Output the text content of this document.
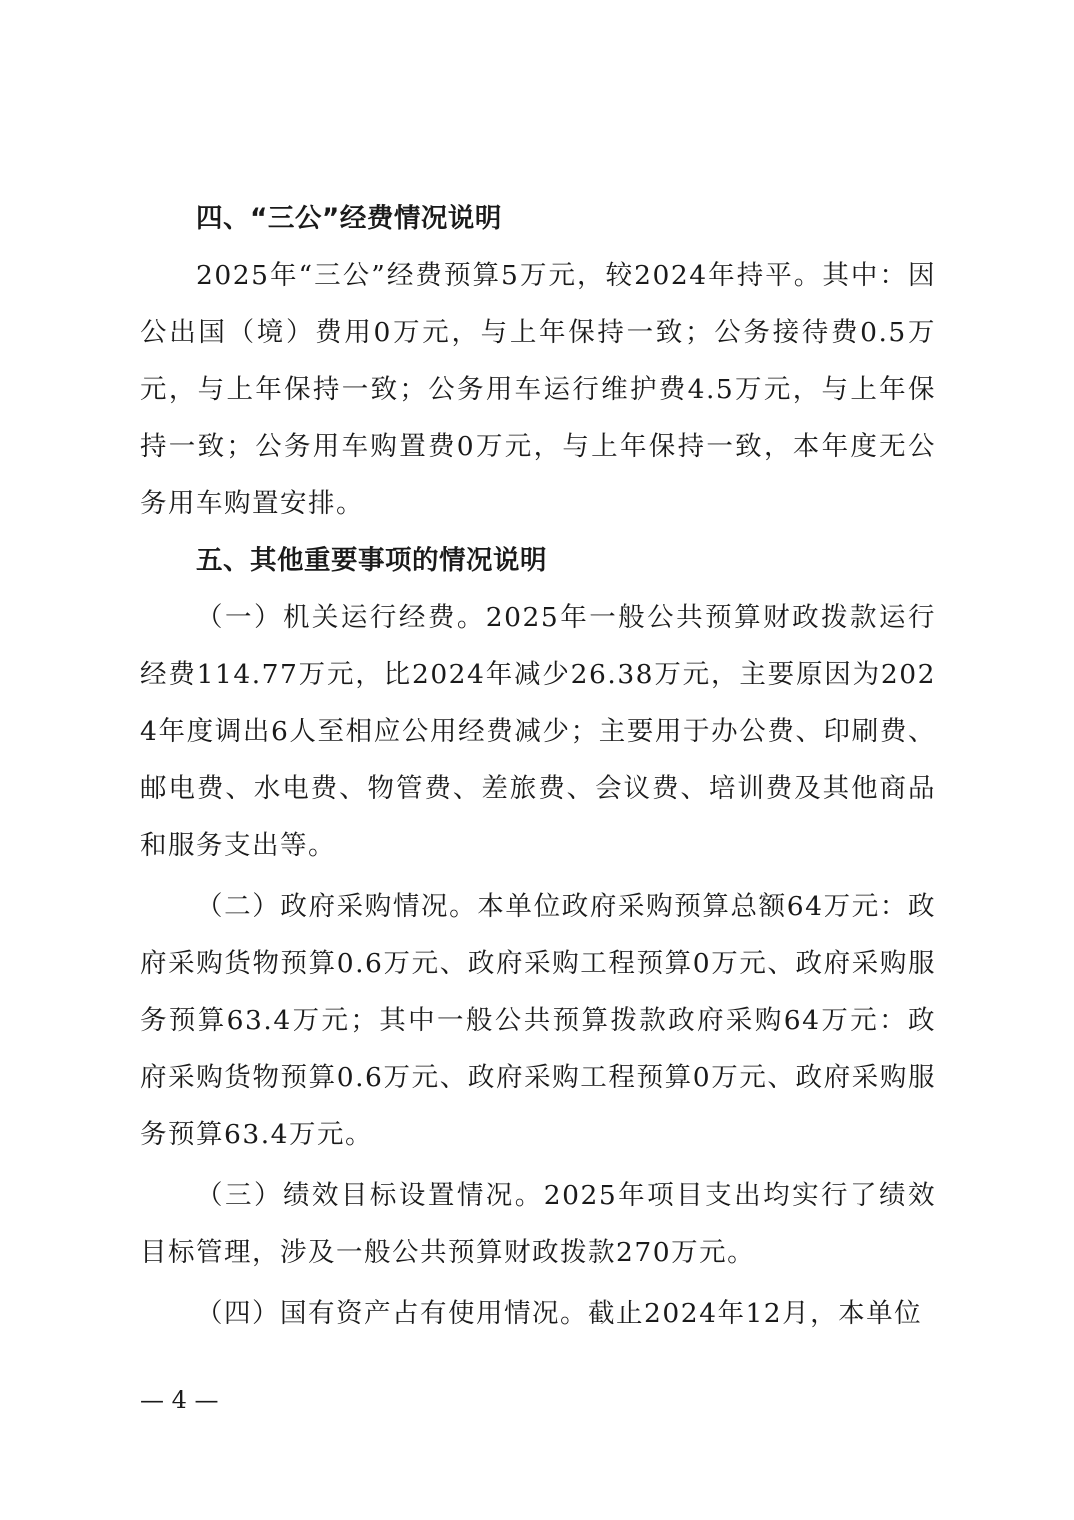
四、“三公”经费情况说明

2025年“三公”经费预算5万元，较2024年持平。其中：因公出国（境）费用0万元，与上年保持一致；公务接待费0.5万元，与上年保持一致；公务用车运行维护费4.5万元，与上年保持一致；公务用车购置费0万元，与上年保持一致，本年度无公务用车购置安排。

五、其他重要事项的情况说明

（一）机关运行经费。2025年一般公共预算财政拨款运行经费114.77万元，比2024年减少26.38万元，主要原因为2024年度调出6人至相应公用经费减少；主要用于办公费、印刷费、邮电费、水电费、物管费、差旅费、会议费、培训费及其他商品和服务支出等。

（二）政府采购情况。本单位政府采购预算总额64万元：政府采购货物预算0.6万元、政府采购工程预算0万元、政府采购服务预算63.4万元；其中一般公共预算拨款政府采购64万元：政府采购货物预算0.6万元、政府采购工程预算0万元、政府采购服务预算63.4万元。

（三）绩效目标设置情况。2025年项目支出均实行了绩效目标管理，涉及一般公共预算财政拨款270万元。

（四）国有资产占有使用情况。截止2024年12月，本单位

— 4 —
